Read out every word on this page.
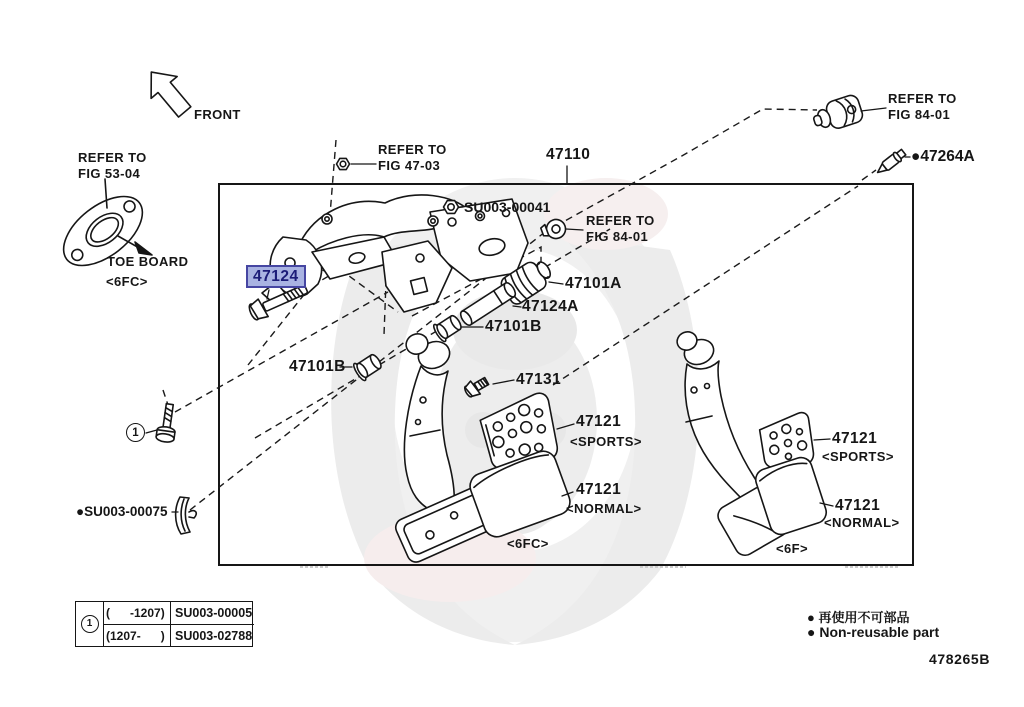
FRONT
REFER TO
FIG 53-04
TOE BOARD
<6FC>
REFER TO
FIG 47-03
47110
SU003-00041
REFER TO
FIG 84-01
REFER TO
FIG 84-01
●47264A
47124	47101A
47124A
47101B
47101B
47131
47121
<SPORTS>
47121
<NORMAL>
<6FC>
47121
<SPORTS>
47121
<NORMAL>
<6F>
1
●SU003-00075
1
(      -1207) SU003-00005
(1207-      ) SU003-02788
● 再使用不可部品
● Non-reusable part
478265B
